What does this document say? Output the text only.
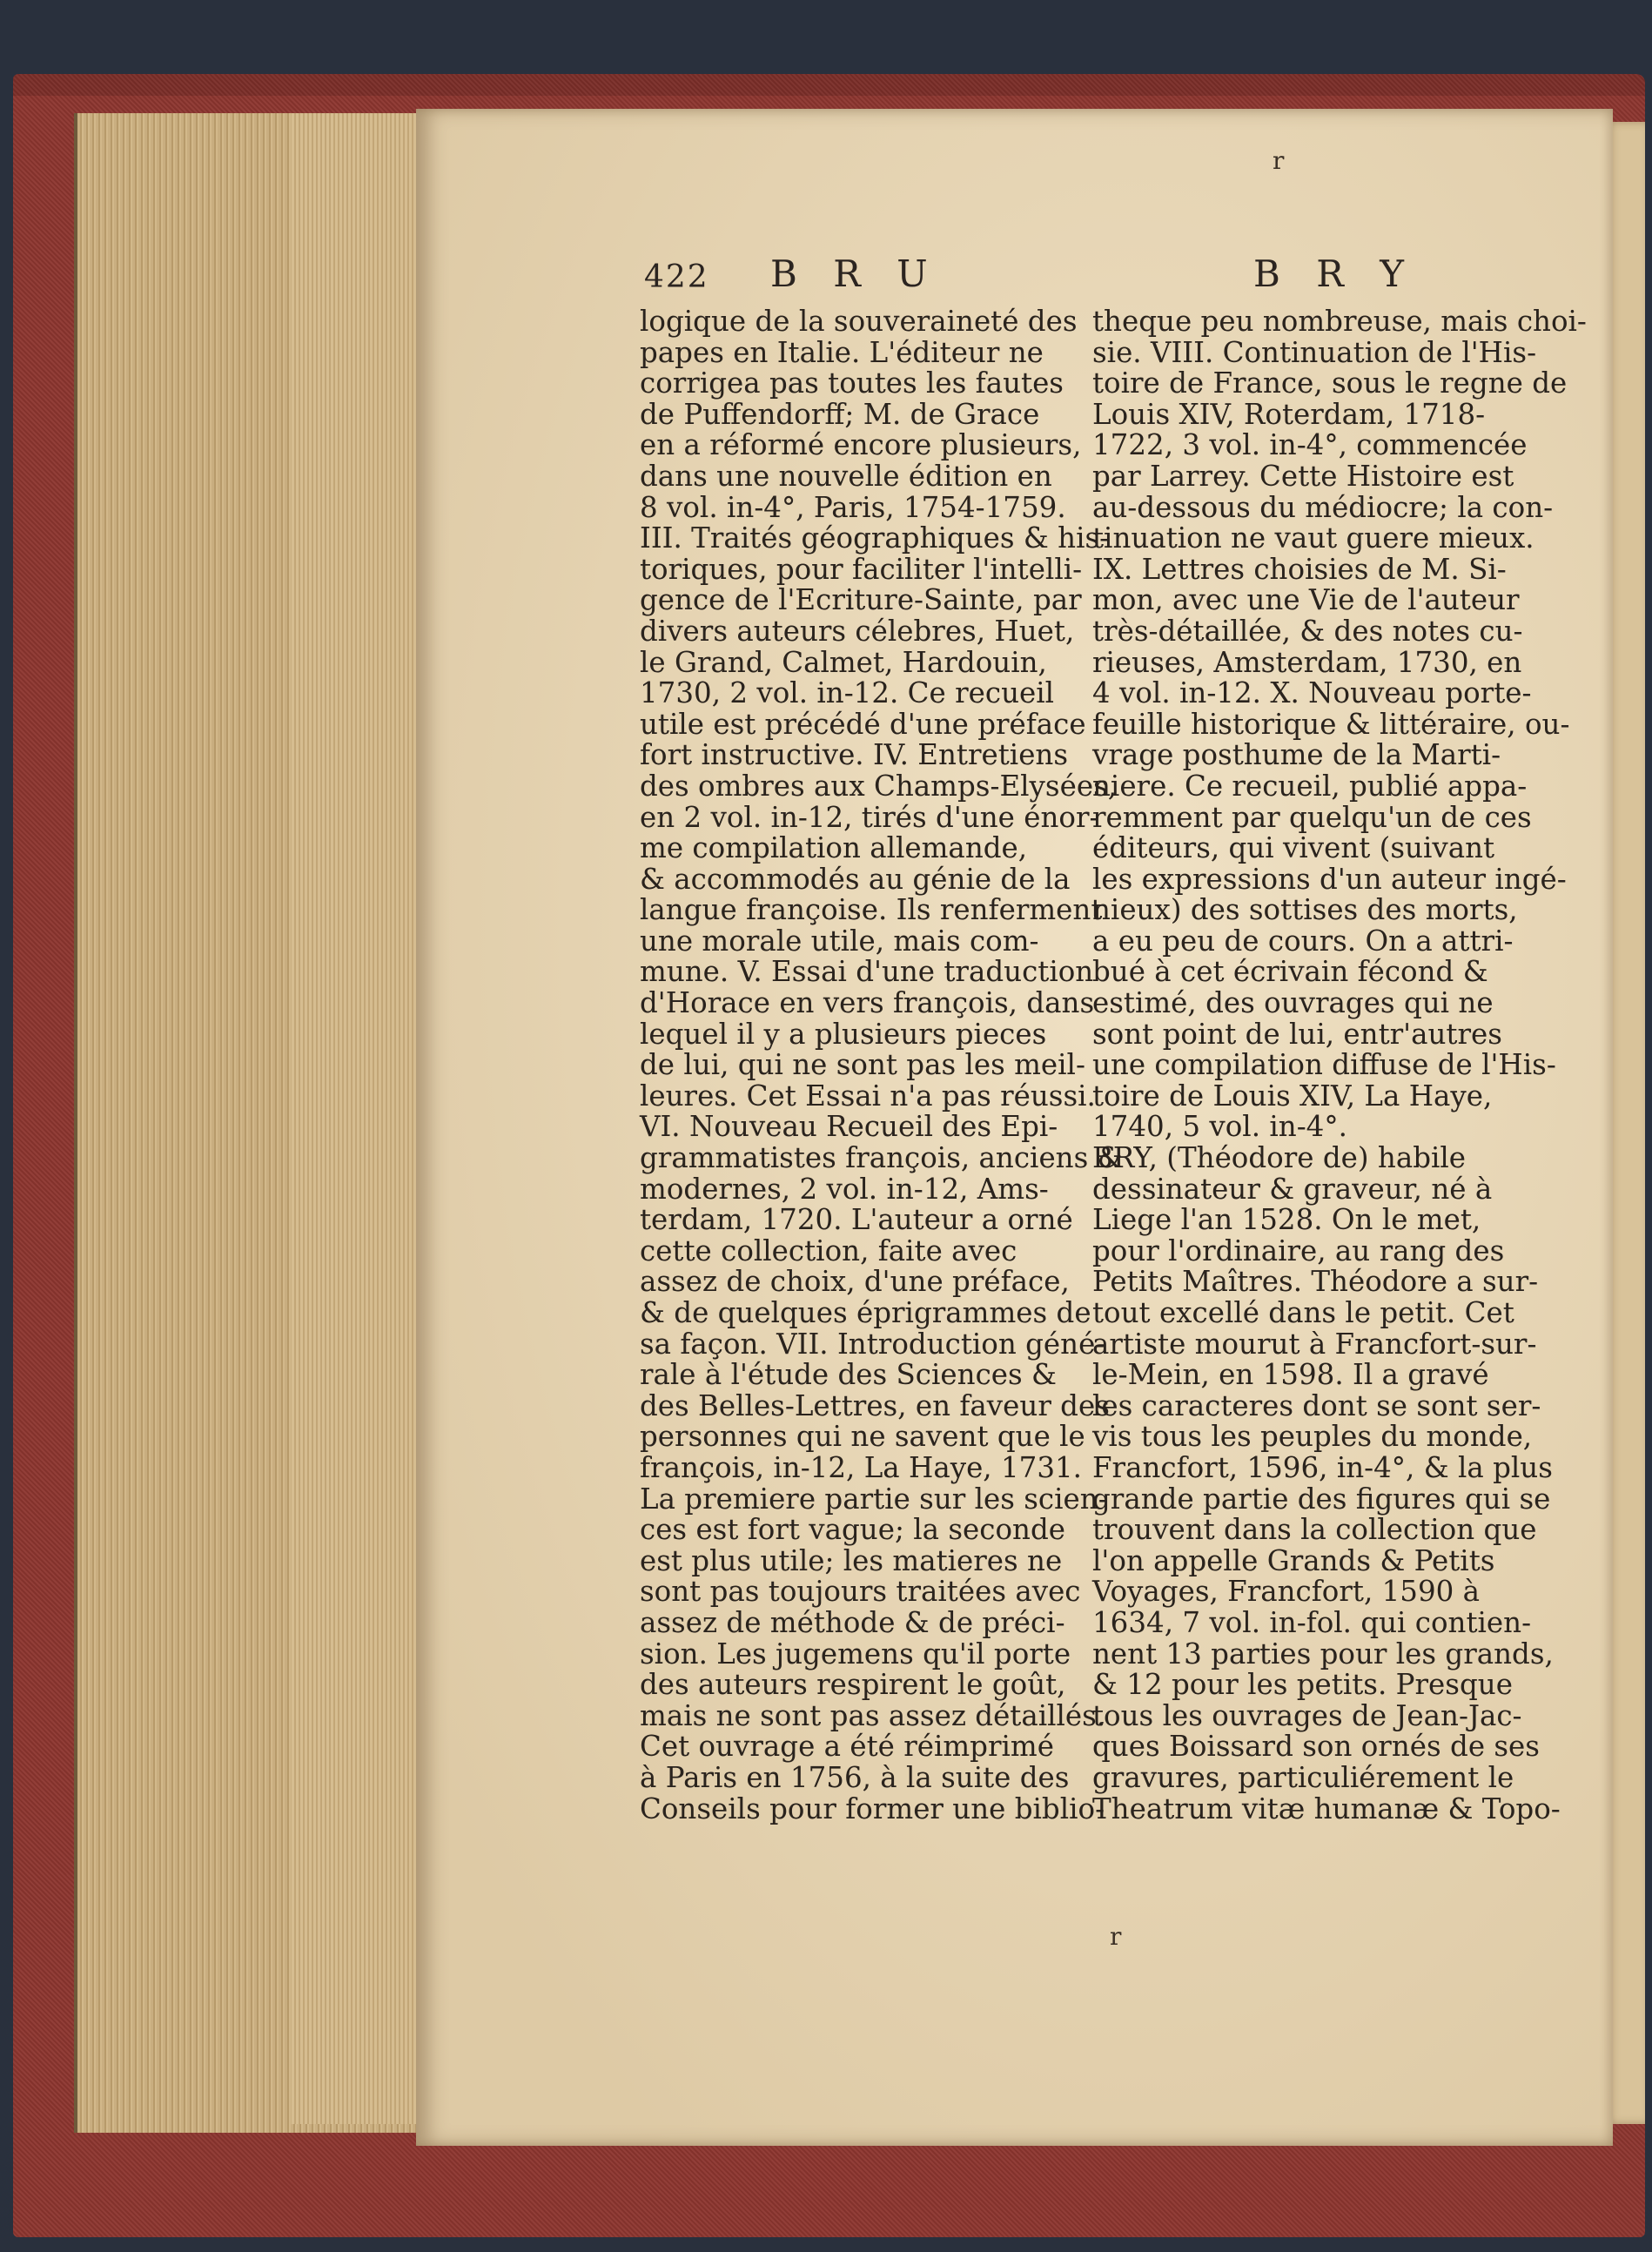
r
422 B R U	B R Y
logique de la souveraineté des
papes en Italie. L'éditeur ne
corrigea pas toutes les fautes
de Puffendorff; M. de Grace
en a réformé encore plusieurs,
dans une nouvelle édition en
8 vol. in-4°, Paris, 1754-1759.
III. Traités géographiques & his-
toriques, pour faciliter l'intelli-
gence de l'Ecriture-Sainte, par
divers auteurs célebres, Huet,
le Grand, Calmet, Hardouin,
1730, 2 vol. in-12. Ce recueil
utile est précédé d'une préface
fort instructive. IV. Entretiens
des ombres aux Champs-Elysées,
en 2 vol. in-12, tirés d'une énor-
me compilation allemande,
& accommodés au génie de la
langue françoise. Ils renferment
une morale utile, mais com-
mune. V. Essai d'une traduction
d'Horace en vers françois, dans
lequel il y a plusieurs pieces
de lui, qui ne sont pas les meil-
leures. Cet Essai n'a pas réussi.
VI. Nouveau Recueil des Epi-
grammatistes françois, anciens &
modernes, 2 vol. in-12, Ams-
terdam, 1720. L'auteur a orné
cette collection, faite avec
assez de choix, d'une préface,
& de quelques éprigrammes de
sa façon. VII. Introduction géné-
rale à l'étude des Sciences &
des Belles-Lettres, en faveur des
personnes qui ne savent que le
françois, in-12, La Haye, 1731.
La premiere partie sur les scien-
ces est fort vague; la seconde
est plus utile; les matieres ne
sont pas toujours traitées avec
assez de méthode & de préci-
sion. Les jugemens qu'il porte
des auteurs respirent le goût,
mais ne sont pas assez détaillés.
Cet ouvrage a été réimprimé
à Paris en 1756, à la suite des
Conseils pour former une biblio-
theque peu nombreuse, mais choi-
sie. VIII. Continuation de l'His-
toire de France, sous le regne de
Louis XIV, Roterdam, 1718-
1722, 3 vol. in-4°, commencée
par Larrey. Cette Histoire est
au-dessous du médiocre; la con-
tinuation ne vaut guere mieux.
IX. Lettres choisies de M. Si-
mon, avec une Vie de l'auteur
très-détaillée, & des notes cu-
rieuses, Amsterdam, 1730, en
4 vol. in-12. X. Nouveau porte-
feuille historique & littéraire, ou-
vrage posthume de la Marti-
niere. Ce recueil, publié appa-
remment par quelqu'un de ces
éditeurs, qui vivent (suivant
les expressions d'un auteur ingé-
nieux) des sottises des morts,
a eu peu de cours. On a attri-
bué à cet écrivain fécond &
estimé, des ouvrages qui ne
sont point de lui, entr'autres
une compilation diffuse de l'His-
toire de Louis XIV, La Haye,
1740, 5 vol. in-4°.
BRY, (Théodore de) habile
dessinateur & graveur, né à
Liege l'an 1528. On le met,
pour l'ordinaire, au rang des
Petits Maîtres. Théodore a sur-
tout excellé dans le petit. Cet
artiste mourut à Francfort-sur-
le-Mein, en 1598. Il a gravé
les caracteres dont se sont ser-
vis tous les peuples du monde,
Francfort, 1596, in-4°, & la plus
grande partie des figures qui se
trouvent dans la collection que
l'on appelle Grands & Petits
Voyages, Francfort, 1590 à
1634, 7 vol. in-fol. qui contien-
nent 13 parties pour les grands,
& 12 pour les petits. Presque
tous les ouvrages de Jean-Jac-
ques Boissard son ornés de ses
gravures, particuliérement le
Theatrum vitæ humanæ & Topo-
r
